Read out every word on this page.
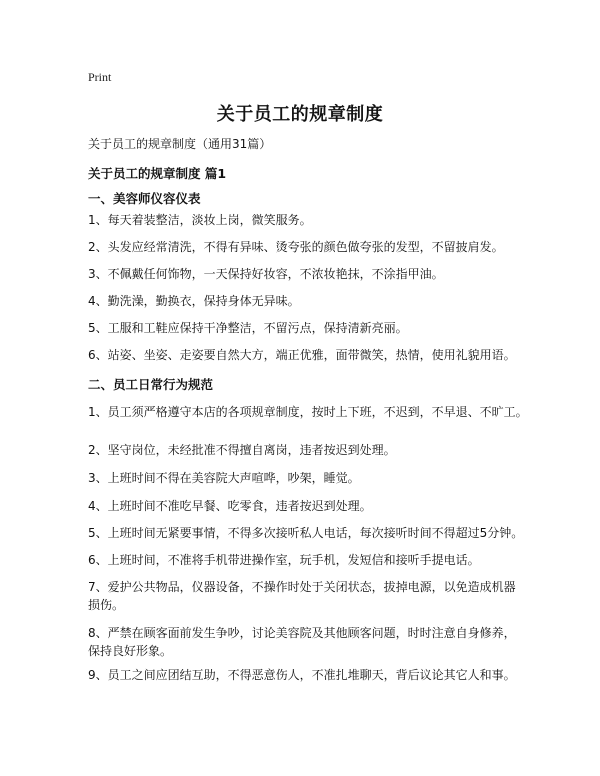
Print
关于员工的规章制度
关于员工的规章制度（通用31篇）
关于员工的规章制度 篇1
一、美容师仪容仪表
1、每天着装整洁，淡妆上岗，微笑服务。
2、头发应经常清洗，不得有异味、烫夸张的颜色做夸张的发型，不留披肩发。
3、不佩戴任何饰物，一天保持好妆容，不浓妆艳抹，不涂指甲油。
4、勤洗澡，勤换衣，保持身体无异味。
5、工服和工鞋应保持干净整洁，不留污点，保持清新亮丽。
6、站姿、坐姿、走姿要自然大方，端正优雅，面带微笑，热情，使用礼貌用语。
二、员工日常行为规范
1、员工须严格遵守本店的各项规章制度，按时上下班，不迟到，不早退、不旷工。
2、坚守岗位，未经批准不得擅自离岗，违者按迟到处理。
3、上班时间不得在美容院大声喧哗，吵架，睡觉。
4、上班时间不准吃早餐、吃零食，违者按迟到处理。
5、上班时间无紧要事情，不得多次接听私人电话，每次接听时间不得超过5分钟。
6、上班时间，不准将手机带进操作室，玩手机，发短信和接听手提电话。
7、爱护公共物品，仪器设备，不操作时处于关闭状态，拔掉电源，以免造成机器损伤。
8、严禁在顾客面前发生争吵，讨论美容院及其他顾客问题，时时注意自身修养，保持良好形象。
9、员工之间应团结互助，不得恶意伤人，不准扎堆聊天，背后议论其它人和事。
